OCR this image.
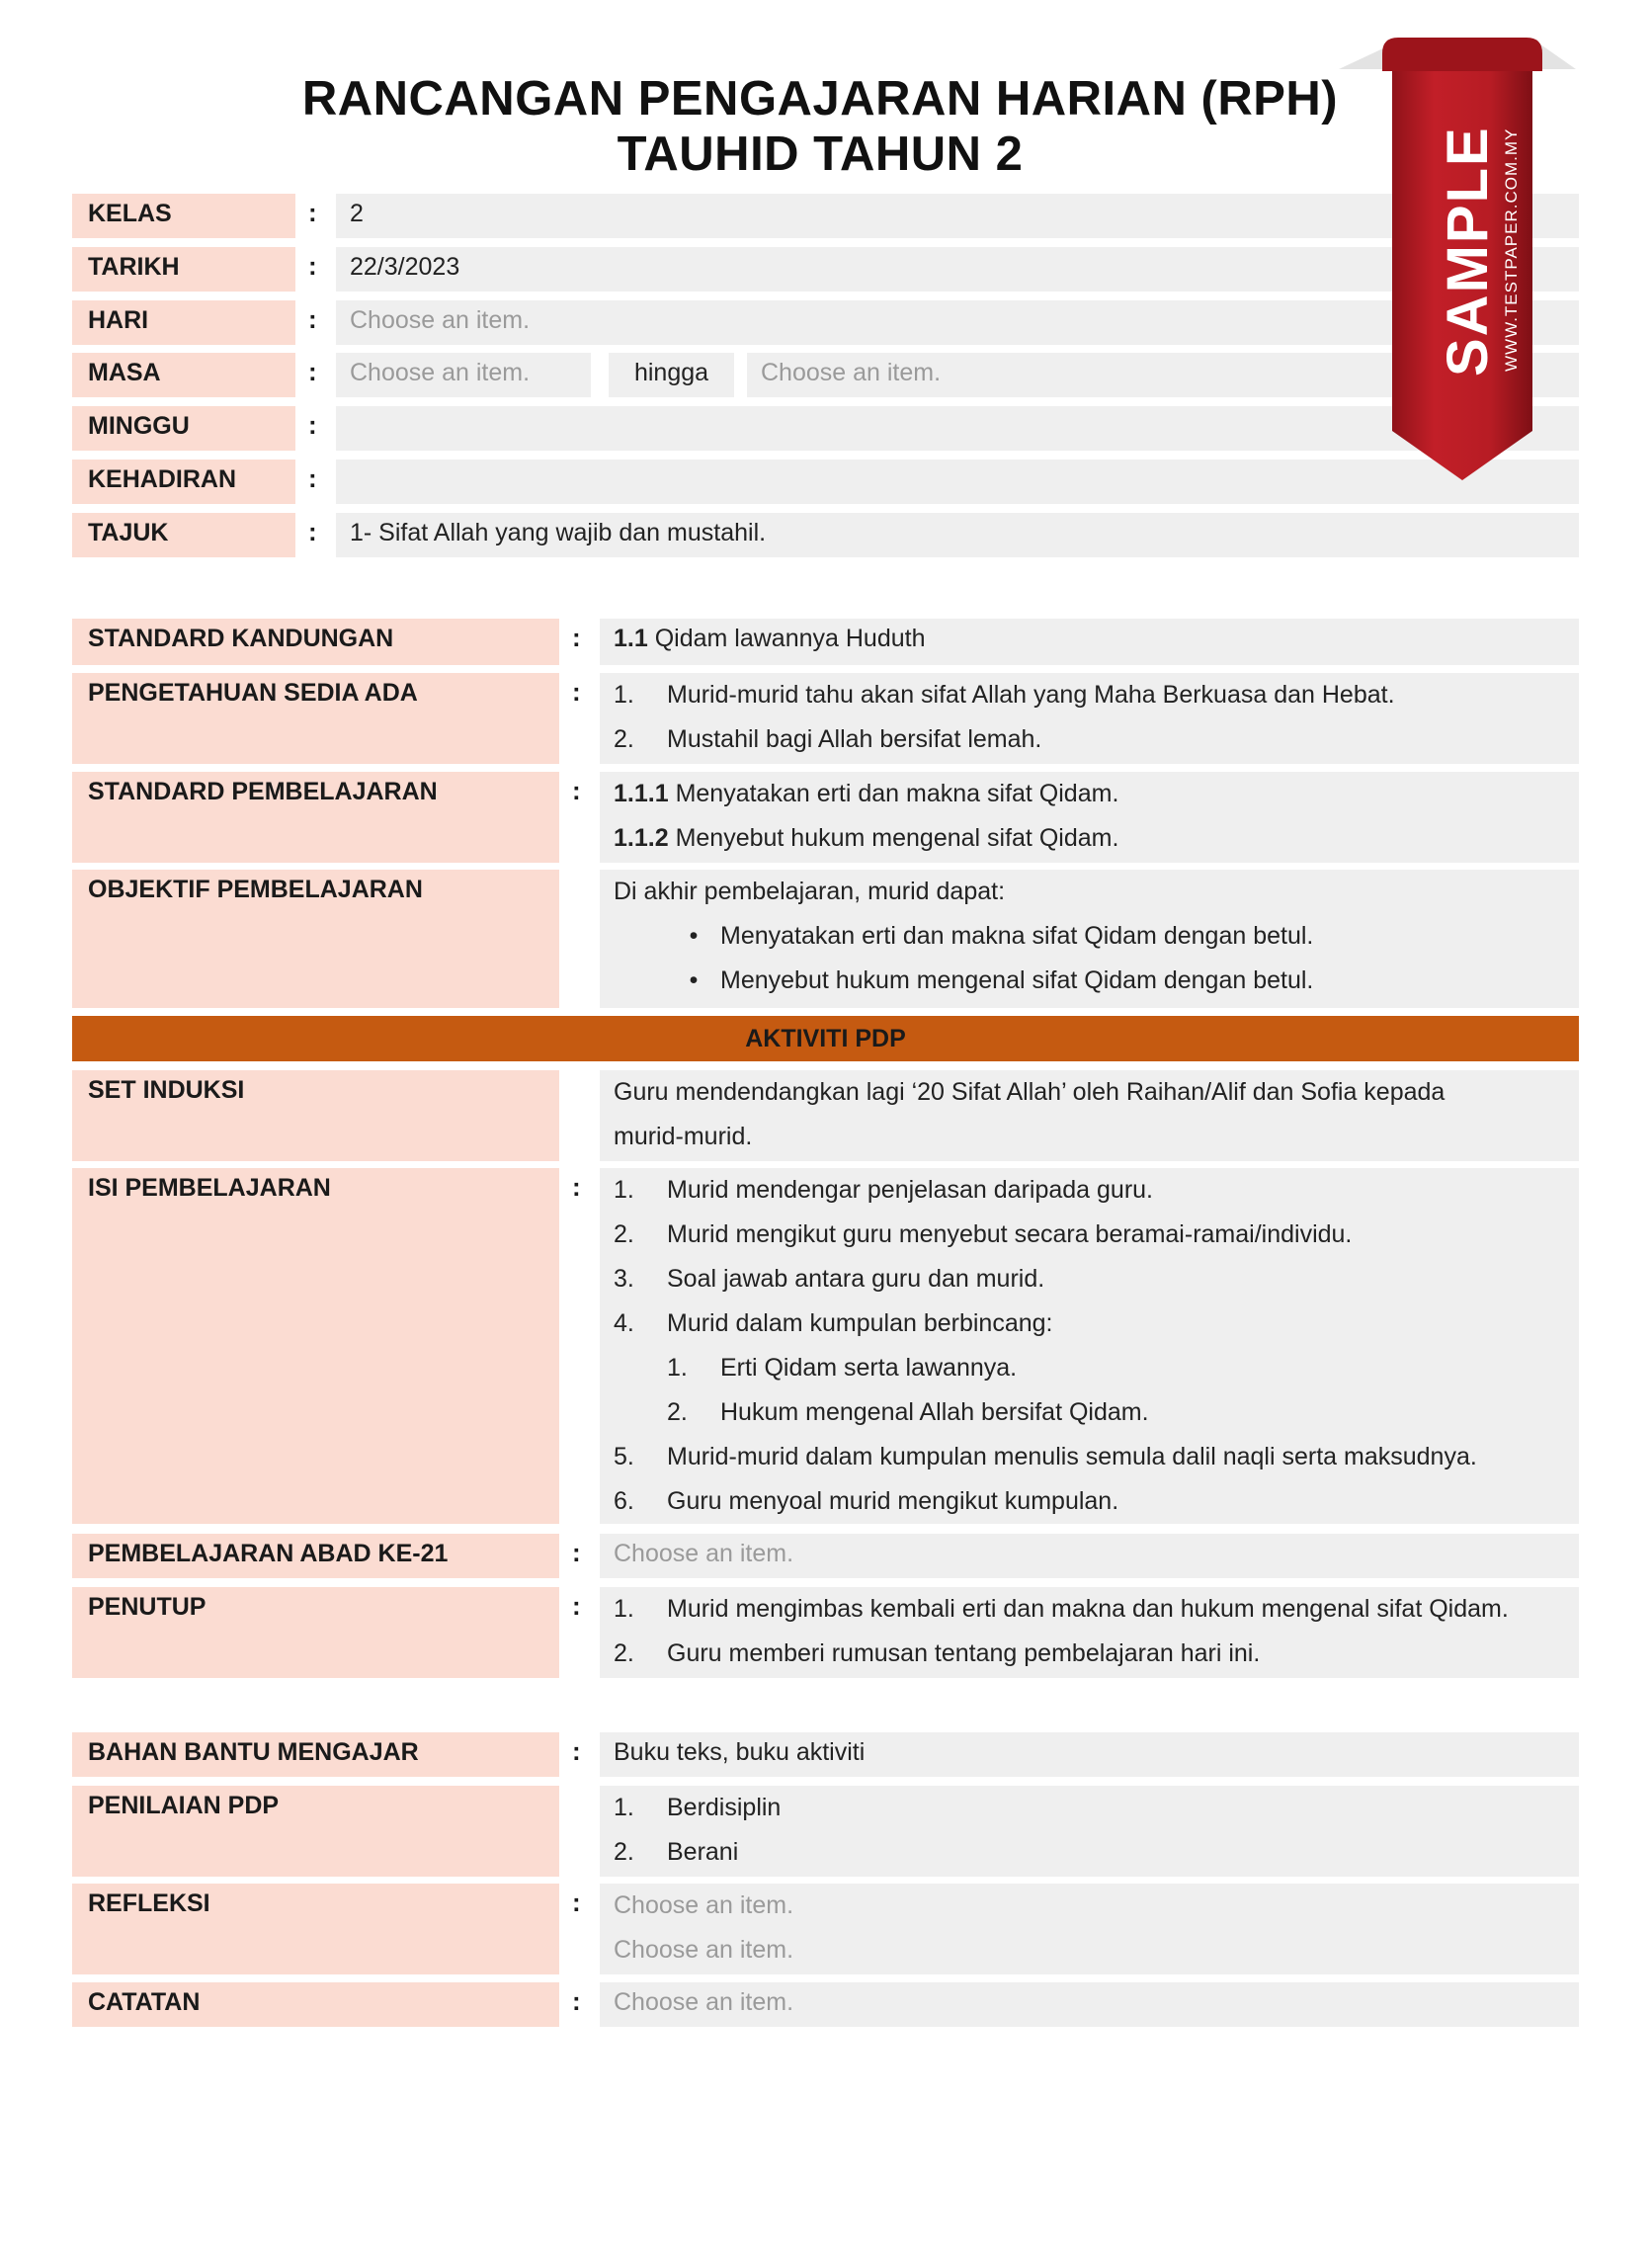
RANCANGAN PENGAJARAN HARIAN (RPH)
TAUHID TAHUN 2
KELAS	:	2
TARIKH	:	22/3/2023
HARI	:	Choose an item.
MASA	:	Choose an item.	hingga	Choose an item.
MINGGU	:
KEHADIRAN	:
TAJUK	:	1- Sifat Allah yang wajib dan mustahil.
STANDARD KANDUNGAN	:	1.1 Qidam lawannya Huduth
PENGETAHUAN SEDIA ADA	: 1. Murid-murid tahu akan sifat Allah yang Maha Berkuasa dan Hebat.
2. Mustahil bagi Allah bersifat lemah.
STANDARD PEMBELAJARAN	: 1.1.1 Menyatakan erti dan makna sifat Qidam.
1.1.2 Menyebut hukum mengenal sifat Qidam.
OBJEKTIF PEMBELAJARAN	Di akhir pembelajaran, murid dapat:
• Menyatakan erti dan makna sifat Qidam dengan betul.
• Menyebut hukum mengenal sifat Qidam dengan betul.
AKTIVITI PDP
SET INDUKSI	Guru mendendangkan lagi ‘20 Sifat Allah’ oleh Raihan/Alif dan Sofia kepada
murid-murid.
ISI PEMBELAJARAN	: 1. Murid mendengar penjelasan daripada guru.
2. Murid mengikut guru menyebut secara beramai-ramai/individu.
3. Soal jawab antara guru dan murid.
4. Murid dalam kumpulan berbincang:
1. Erti Qidam serta lawannya.
2. Hukum mengenal Allah bersifat Qidam.
5. Murid-murid dalam kumpulan menulis semula dalil naqli serta maksudnya.
6. Guru menyoal murid mengikut kumpulan.
PEMBELAJARAN ABAD KE-21	:	Choose an item.
PENUTUP	: 1. Murid mengimbas kembali erti dan makna dan hukum mengenal sifat Qidam.
2. Guru memberi rumusan tentang pembelajaran hari ini.
BAHAN BANTU MENGAJAR	:	Buku teks, buku aktiviti
PENILAIAN PDP	1. Berdisiplin
2. Berani
REFLEKSI	: Choose an item.
Choose an item.
CATATAN	:	Choose an item.
SAMPLE WWW.TESTPAPER.COM.MY
